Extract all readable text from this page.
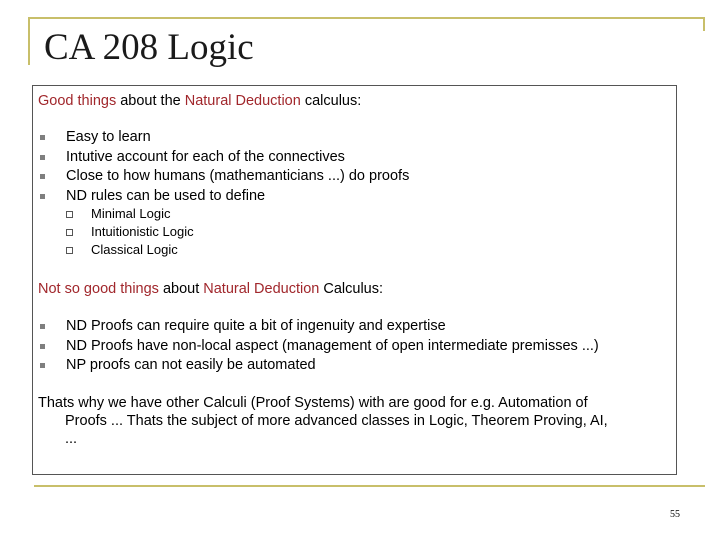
CA 208 Logic

Good things about the Natural Deduction calculus:

Easy to learn
Intutive account for each of the connectives
Close to how humans (mathemanticians ...) do proofs
ND rules can be used to define
Minimal Logic
Intuitionistic Logic
Classical Logic

Not so good things about Natural Deduction Calculus:

ND Proofs can require quite a bit of ingenuity and expertise
ND Proofs have non-local aspect (management of open intermediate premisses ...)
NP proofs can not easily be automated

Thats why we have other Calculi (Proof Systems) with are good for e.g. Automation of
Proofs ... Thats the subject of more advanced classes in Logic, Theorem Proving, AI,
...

55
